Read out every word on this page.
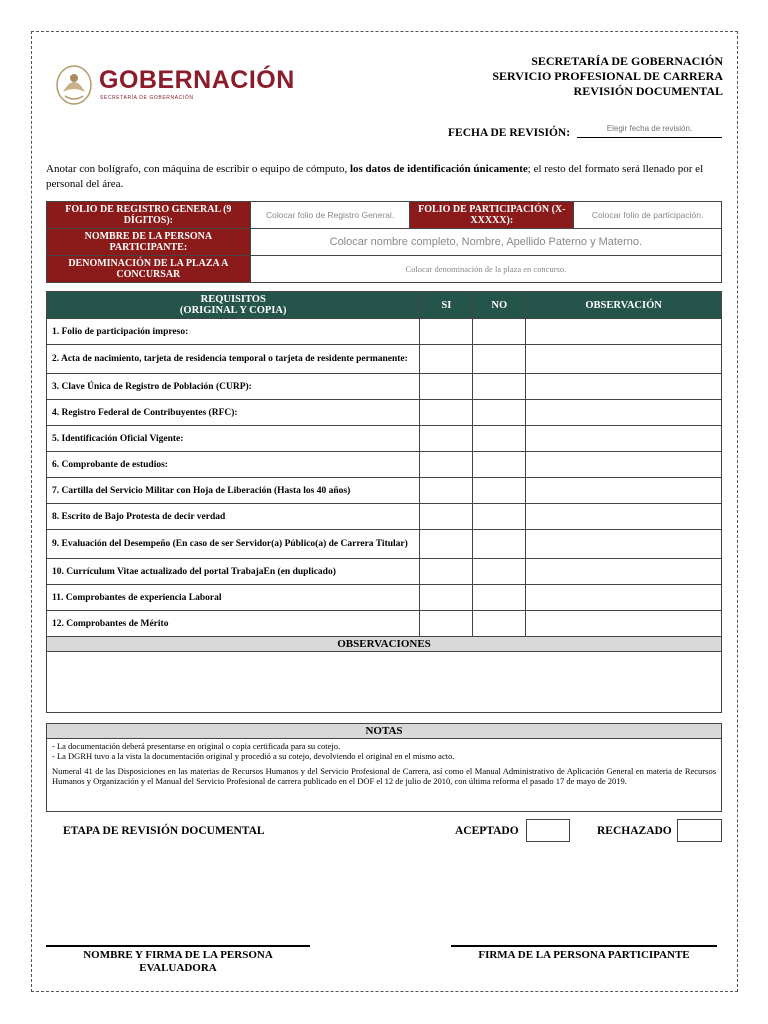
GOBERNACIÓN
SECRETARÍA DE GOBERNACIÓN
SECRETARÍA DE GOBERNACIÓN
SERVICIO PROFESIONAL DE CARRERA
REVISIÓN DOCUMENTAL
FECHA DE REVISIÓN:	Elegir fecha de revisión.
Anotar con bolígrafo, con máquina de escribir o equipo de cómputo, los datos de identificación únicamente; el resto del formato será llenado por el personal del área.
FOLIO DE REGISTRO GENERAL (9 DÍGITOS):	Colocar folio de Registro General.	FOLIO DE PARTICIPACIÓN (X-XXXXX):	Colocar folio de participación.
NOMBRE DE LA PERSONA PARTICIPANTE:	Colocar nombre completo, Nombre, Apellido Paterno y Materno.		
DENOMINACIÓN DE LA PLAZA A CONCURSAR	Colocar denominación de la plaza en concurso.		
REQUISITOS
(ORIGINAL Y COPIA)	SI	NO	OBSERVACIÓN
1. Folio de participación impreso:			
2. Acta de nacimiento, tarjeta de residencia temporal o tarjeta de residente permanente:			
3. Clave Única de Registro de Población (CURP):			
4. Registro Federal de Contribuyentes (RFC):			
5. Identificación Oficial Vigente:			
6. Comprobante de estudios:			
7. Cartilla del Servicio Militar con Hoja de Liberación (Hasta los 40 años)			
8. Escrito de Bajo Protesta de decir verdad			
9. Evaluación del Desempeño (En caso de ser Servidor(a) Público(a) de Carrera Titular)			
10. Currículum Vitae actualizado del portal TrabajaEn (en duplicado)			
11. Comprobantes de experiencia Laboral			
12. Comprobantes de Mérito			
OBSERVACIONES
NOTAS

- La documentación deberá presentarse en original o copia certificada para su cotejo.

- La DGRH tuvo a la vista la documentación original y procedió a su cotejo, devolviendo el original en el mismo acto.

Numeral 41 de las Disposiciones en las materias de Recursos Humanos y del Servicio Profesional de Carrera, así como el Manual Administrativo de Aplicación General en materia de Recursos Humanos y Organización y el Manual del Servicio Profesional de carrera publicado en el DOF el 12 de julio de 2010, con última reforma el pasado 17 de mayo de 2019.

ETAPA DE REVISIÓN DOCUMENTAL	ACEPTADO	RECHAZADO
NOMBRE Y FIRMA DE LA PERSONA EVALUADORA
FIRMA DE LA PERSONA PARTICIPANTE
